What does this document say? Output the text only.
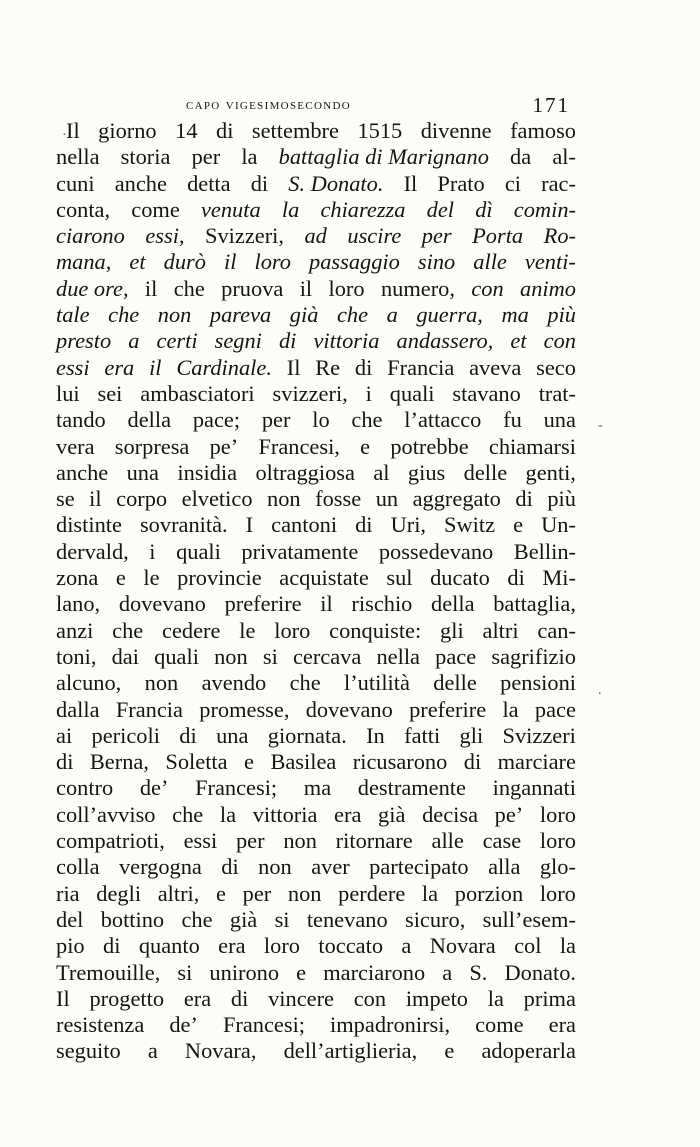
capo vigesimosecondo	171
Il giorno 14 di settembre 1515 divenne famoso
nella storia per la battaglia di Marignano da al-
cuni anche detta di S. Donato. Il Prato ci rac-
conta, come venuta la chiarezza del dì comin-
ciarono essi, Svizzeri, ad uscire per Porta Ro-
mana, et durò il loro passaggio sino alle venti-
due ore, il che pruova il loro numero, con animo
tale che non pareva già che a guerra, ma più
presto a certi segni di vittoria andassero, et con
essi era il Cardinale. Il Re di Francia aveva seco
lui sei ambasciatori svizzeri, i quali stavano trat-
tando della pace; per lo che l’attacco fu una
vera sorpresa pe’ Francesi, e potrebbe chiamarsi
anche una insidia oltraggiosa al gius delle genti,
se il corpo elvetico non fosse un aggregato di più
distinte sovranità. I cantoni di Uri, Switz e Un-
dervald, i quali privatamente possedevano Bellin-
zona e le provincie acquistate sul ducato di Mi-
lano, dovevano preferire il rischio della battaglia,
anzi che cedere le loro conquiste: gli altri can-
toni, dai quali non si cercava nella pace sagrifizio
alcuno, non avendo che l’utilità delle pensioni
dalla Francia promesse, dovevano preferire la pace
ai pericoli di una giornata. In fatti gli Svizzeri
di Berna, Soletta e Basilea ricusarono di marciare
contro de’ Francesi; ma destramente ingannati
coll’avviso che la vittoria era già decisa pe’ loro
compatrioti, essi per non ritornare alle case loro
colla vergogna di non aver partecipato alla glo-
ria degli altri, e per non perdere la porzion loro
del bottino che già si tenevano sicuro, sull’esem-
pio di quanto era loro toccato a Novara col la
Tremouille, si unirono e marciarono a S. Donato.
Il progetto era di vincere con impeto la prima
resistenza de’ Francesi; impadronirsi, come era
seguito a Novara, dell’artiglieria, e adoperarla
·
-
.
